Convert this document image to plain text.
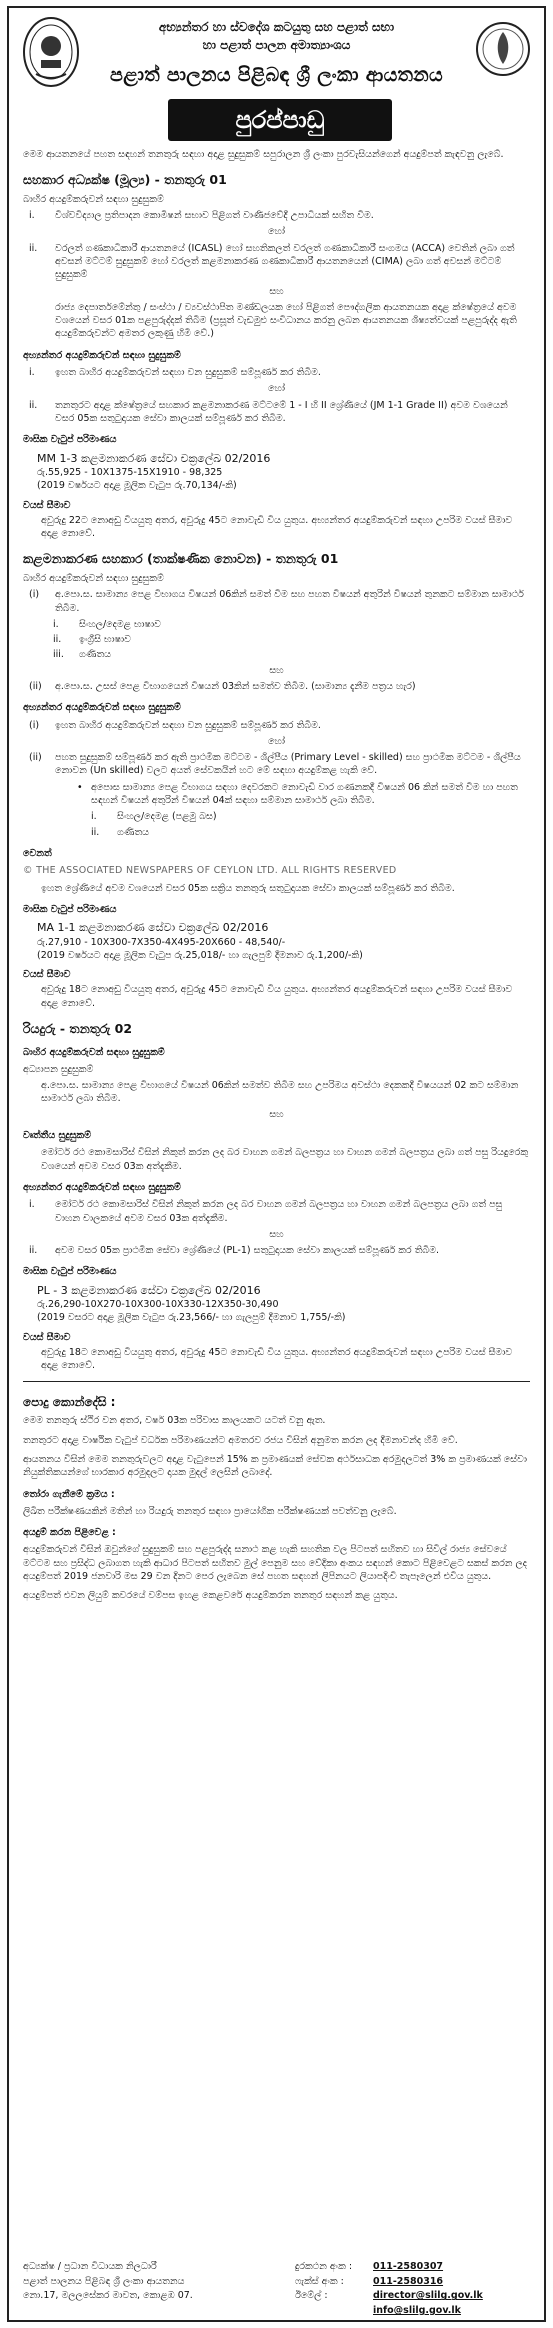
අභ්‍යන්තර හා ස්වදේශ කටයුතු සහ පළාත් සභා
හා පළාත් පාලන අමාත්‍යාංශය
පළාත් පාලනය පිළිබඳ ශ්‍රී ලංකා ආයතනය
පුරප්පාඩු

මෙම ආයතනයේ පහත සඳහන් තනතුරු සඳහා අදාළ සුදුසුකම් සපුරාලන ශ්‍රී ලංකා පුරවැසියන්ගෙන් අයදුම්පත් කැඳවනු ලැබේ.

සහකාර අධ්‍යක්ෂ (මූල්‍ය) - තනතුරු 01

බාහිර අයදුම්කරුවන් සඳහා සුදුසුකම්

i.	විශ්වවිද්‍යාල ප්‍රතිපාදන කොමිෂන් සභාව පිළිගත් වාණිජවේදී උපාධියක් සහිත වීම.

හෝ

ii.	වරලත් ගණකාධිකාරී ආයතනයේ (ICASL) හෝ සහතිකලත් වරලත් ගණකාධිකාරී සංගමය (ACCA) වෙතින් ලබා ගත් අවසන් මට්ටම් සුදුසුකම් හෝ වරලත් කළමනාකරණ ගණකාධිකාරී ආයතනයෙන් (CIMA) ලබා ගත් අවසන් මට්ටම් සුදුසුකම්

සහ

රාජ්‍ය දෙපාර්තමේන්තු / සංස්ථා / ව්‍යවස්ථාපිත මණ්ඩලයක හෝ පිළිගත් පෞද්ගලික ආයතනයක අදාළ ක්ෂේත්‍රයේ අවම වශයෙන් වසර 01ක පළපුරුද්දක් තිබීම (ප්‍රසූත් වැඩමුළු සංවිධානය කරනු ලබන ආයතනයක ශිෂ්‍යත්වයක් පළපුරුද්ද ඇති අයදුම්කරුවන්ට අමතර ලකුණු හිමි වේ.)

අභ්‍යන්තර අයදුම්කරුවන් සඳහා සුදුසුකම්

i.	ඉහත බාහිර අයදුම්කරුවන් සඳහා වන සුදුසුකම් සම්පූර්ණ කර තිබීම.

හෝ

ii.	තනතුරට අදාළ ක්ෂේත්‍රයේ සහකාර කළමනාකරණ මට්ටමේ 1 - I හි II ශ්‍රේණියේ (JM 1-1 Grade II) අවම වශයෙන් වසර 05ක සතුටුදායක සේවා කාලයක් සම්පූර්ණ කර තිබීම.

මාසික වැටුප් පරිමාණය

MM 1-3 කළමනාකරණ සේවා චක්‍රලේඛ 02/2016

රු.55,925 - 10X1375-15X1910 - 98,325

(2019 වර්ෂයට අදාළ මූලික වැටුප රු.70,134/-කි)

වයස් සීමාව

අවුරුදු 22ට නොඅඩු වියයුතු අතර, අවුරුදු 45ට නොවැඩි විය යුතුය. අභ්‍යන්තර අයදුම්කරුවන් සඳහා උපරිම වයස් සීමාව අදාළ නොවේ.

කළමනාකරණ සහකාර (තාක්ෂණික නොවන) - තනතුරු 01

බාහිර අයදුම්කරුවන් සඳහා සුදුසුකම්

(i)	අ.පො.ස. සාමාන්‍ය පෙළ විභාගය විෂයන් 06කින් සමත් වීම සහ පහත විෂයන් අතුරින් විෂයන් තුනකට සම්මාන සාමාර්ථ තිබීම.
i.	සිංහල/දෙමළ භාෂාව
ii.	ඉංග්‍රීසි භාෂාව
iii.	ගණිතය

සහ

(ii)	අ.පො.ස. උසස් පෙළ විභාගයෙන් විෂයන් 03කින් සමත්ව තිබීම. (සාමාන්‍ය දැනීම පත්‍රය හැර)

අභ්‍යන්තර අයදුම්කරුවන් සඳහා සුදුසුකම්

(i)	ඉහත බාහිර අයදුම්කරුවන් සඳහා වන සුදුසුකම් සම්පූර්ණ කර තිබීම.

හෝ

(ii)	පහත සුදුසුකම් සම්පූර්ණ කර ඇති ප්‍රාථමික මට්ටම - ශිල්පීය (Primary Level - skilled) සහ ප්‍රාථමික මට්ටම - ශිල්පීය නොවන (Un skilled) වලට අයත් සේවකයින් හට මේ සඳහා අයදුම්කළ හැකි වේ.
• අපොස සාමාන්‍ය පෙළ විභාගය සඳහා දෙවරකට නොවැඩි වාර ගණනකදී විෂයන් 06 කින් සමත් වීම හා පහත සඳහන් විෂයන් අතුරින් විෂයන් 04ක් සඳහා සම්මාන සාමාර්ථ ලබා තිබීම.
i.	සිංහල/දෙමළ (පළමු බස)
ii.	ගණිතය

වෙනත්

© THE ASSOCIATED NEWSPAPERS OF CEYLON LTD. ALL RIGHTS RESERVED

ඉහත ශ්‍රේණියේ අවම වශයෙන් වසර 05ක සක්‍රිය තනතුරු සතුටුදායක සේවා කාලයක් සම්පූර්ණ කර තිබීම.

මාසික වැටුප් පරිමාණය

MA 1-1 කළමනාකරණ සේවා චක්‍රලේඛ 02/2016

රු.27,910 - 10X300-7X350-4X495-20X660 - 48,540/-

(2019 වර්ෂයට අදාළ මූලික වැටුප රු.25,018/- හා ගැලපුම් දීමනාව රු.1,200/-කි)

වයස් සීමාව

අවුරුදු 18ට නොඅඩු වියයුතු අතර, අවුරුදු 45ට නොවැඩි විය යුතුය. අභ්‍යන්තර අයදුම්කරුවන් සඳහා උපරිම වයස් සීමාව අදාළ නොවේ.

රියදුරු - තනතුරු 02

බාහිර අයදුම්කරුවන් සඳහා සුදුසුකම්

අධ්‍යාපන සුදුසුකම්

අ.පො.ස. සාමාන්‍ය පෙළ විභාගයේ විෂයන් 06කින් සමත්ව තිබීම සහ උපරිමය අවස්ථා දෙකකදී විෂයයන් 02 කට සම්මාන සාමාර්ථ ලබා තිබීම.

සහ

වෘත්තීය සුදුසුකම්

මෝටර් රථ කොමසාරිස් විසින් නිකුත් කරන ලද බර වාහන ගමන් බලපත්‍රය හා වාහන ගමන් බලපත්‍රය ලබා ගත් පසු රියදුරෙකු වශයෙන් අවම වසර 03ක අත්දැකීම.

අභ්‍යන්තර අයදුම්කරුවන් සඳහා සුදුසුකම්

i.	මෝටර් රථ කොමසාරිස් විසින් නිකුත් කරන ලද බර වාහන ගමන් බලපත්‍රය හා වාහන ගමන් බලපත්‍රය ලබා ගත් පසු වාහන චාලකයේ අවම වසර 03ක අත්දැකීම.

සහ

ii.	අවම වසර 05ක ප්‍රාථමික සේවා ශ්‍රේණියේ (PL-1) සතුටුදායක සේවා කාලයක් සම්පූර්ණ කර තිබීම.

මාසික වැටුප් පරිමාණය

PL - 3 කළමනාකරණ සේවා චක්‍රලේඛ 02/2016

රු.26,290-10X270-10X300-10X330-12X350-30,490

(2019 වසරට අදාළ මූලික වැටුප රු.23,566/- හා ගැලපුම් දීමනාව 1,755/-කි)

වයස් සීමාව

අවුරුදු 18ට නොඅඩු වියයුතු අතර, අවුරුදු 45ට නොවැඩි විය යුතුය. අභ්‍යන්තර අයදුම්කරුවන් සඳහා උපරිම වයස් සීමාව අදාළ නොවේ.

පොදු කොන්දේසි :

මෙම තනතුරු ස්ථිර වන අතර, වර්ෂ 03ක පරිවාස කාලයකට යටත් වනු ඇත.

තනතුරට අදාළ වාර්ෂික වැටුප් වර්ධක පරිමාණයන්ට අමතරව රජය විසින් අනුමත කරන ලද දීමනාවන්ද හිමි වේ.

ආයතනය විසින් මෙම තනතුරුවලට අදාළ වැටුපෙන් 15% ක ප්‍රමාණයක් සේවක අර්ථසාධක අරමුදලටත් 3% ක ප්‍රමාණයක් සේවා නියුක්තිකයන්ගේ භාරකාර අරමුදලට දායක මුදල් ලෙසින් ලබාදේ.

තෝරා ගැනීමේ ක්‍රමය :

ලිඛිත පරීක්ෂණයකින් මතින් හා රියදුරු තනතුර සඳහා ප්‍රායෝගික පරීක්ෂණයක් පවත්වනු ලැබේ.

අයදුම් කරන පිළිවෙළ :

අයදුම්කරුවන් විසින් ඔවුන්ගේ සුදුසුකම් සහ පළපුරුද්ද සනාථ කළ හැකි සහතික වල පිටපත් සහිතව හා සිවිල් රාජ්‍ය සේවයේ මට්ටම සහ ප්‍රසිද්ධ ලබාගත හැකි ආධාර පිටපත් සහිතව මුල් පෙනුම සහ වේදිකා අංකය සඳහන් කොට පිළිවෙළට සකස් කරන ලද අයදුම්පත් 2019 ජනවාරි මස 29 වන දිනට පෙර ලැබෙන සේ පහත සඳහන් ලිපිනයට ලියාපදිංචි තැපෑලෙන් එවිය යුතුය.

අයදුම්පත් එවන ලියුම් කවරයේ වම්පස ඉහළ කෙළවරේ අයදුම්කරන තනතුර සඳහන් කළ යුතුය.

අධ්‍යක්ෂ / ප්‍රධාන විධායක නිලධාරී

පළාත් පාලනය පිළිබඳ ශ්‍රී ලංකා ආයතනය

නො.17, මලලසේකර මාවත, කොළඹ 07.

දුරකථන අංක :	011-2580307
ෆැක්ස් අංක :	011-2580316
ඊමේල් :	director@slilg.gov.lk
info@slilg.gov.lk
